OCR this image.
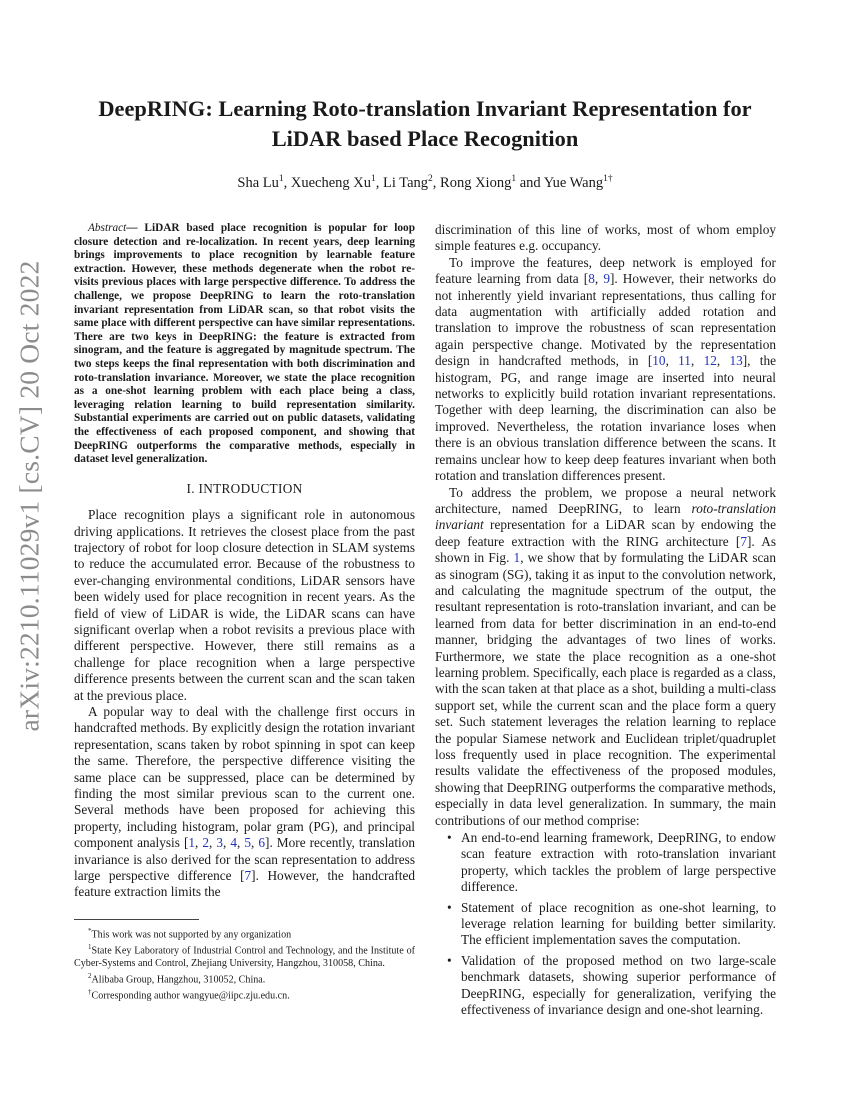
arXiv:2210.11029v1 [cs.CV] 20 Oct 2022
DeepRING: Learning Roto-translation Invariant Representation for
LiDAR based Place Recognition
Sha Lu$^1$, Xuecheng Xu$^1$, Li Tang$^2$, Rong Xiong$^1$ and Yue Wang$^{1\dagger}$

Abstract— LiDAR based place recognition is popular for loop closure detection and re-localization. In recent years, deep learning brings improvements to place recognition by learnable feature extraction. However, these methods degenerate when the robot re-visits previous places with large perspective difference. To address the challenge, we propose DeepRING to learn the roto-translation invariant representation from LiDAR scan, so that robot visits the same place with different perspective can have similar representations. There are two keys in DeepRING: the feature is extracted from sinogram, and the feature is aggregated by magnitude spectrum. The two steps keeps the final representation with both discrimination and roto-translation invariance. Moreover, we state the place recognition as a one-shot learning problem with each place being a class, leveraging relation learning to build representation similarity. Substantial experiments are carried out on public datasets, validating the effectiveness of each proposed component, and showing that DeepRING outperforms the comparative methods, especially in dataset level generalization.

I. INTRODUCTION

Place recognition plays a significant role in autonomous driving applications. It retrieves the closest place from the past trajectory of robot for loop closure detection in SLAM systems to reduce the accumulated error. Because of the robustness to ever-changing environmental conditions, LiDAR sensors have been widely used for place recognition in recent years. As the field of view of LiDAR is wide, the LiDAR scans can have significant overlap when a robot revisits a previous place with different perspective. However, there still remains as a challenge for place recognition when a large perspective difference presents between the current scan and the scan taken at the previous place.

A popular way to deal with the challenge first occurs in handcrafted methods. By explicitly design the rotation invariant representation, scans taken by robot spinning in spot can keep the same. Therefore, the perspective difference visiting the same place can be suppressed, place can be determined by finding the most similar previous scan to the current one. Several methods have been proposed for achieving this property, including histogram, polar gram (PG), and principal component analysis [1, 2, 3, 4, 5, 6]. More recently, translation invariance is also derived for the scan representation to address large perspective difference [7]. However, the handcrafted feature extraction limits the

*This work was not supported by any organization

$^1$State Key Laboratory of Industrial Control and Technology, and the Institute of Cyber-Systems and Control, Zhejiang University, Hangzhou, 310058, China.

$^2$Alibaba Group, Hangzhou, 310052, China.

†Corresponding author wangyue@iipc.zju.edu.cn.

discrimination of this line of works, most of whom employ simple features e.g. occupancy.

To improve the features, deep network is employed for feature learning from data [8, 9]. However, their networks do not inherently yield invariant representations, thus calling for data augmentation with artificially added rotation and translation to improve the robustness of scan representation again perspective change. Motivated by the representation design in handcrafted methods, in [10, 11, 12, 13], the histogram, PG, and range image are inserted into neural networks to explicitly build rotation invariant representations. Together with deep learning, the discrimination can also be improved. Nevertheless, the rotation invariance loses when there is an obvious translation difference between the scans. It remains unclear how to keep deep features invariant when both rotation and translation differences present.

To address the problem, we propose a neural network architecture, named DeepRING, to learn roto-translation invariant representation for a LiDAR scan by endowing the deep feature extraction with the RING architecture [7]. As shown in Fig. 1, we show that by formulating the LiDAR scan as sinogram (SG), taking it as input to the convolution network, and calculating the magnitude spectrum of the output, the resultant representation is roto-translation invariant, and can be learned from data for better discrimination in an end-to-end manner, bridging the advantages of two lines of works. Furthermore, we state the place recognition as a one-shot learning problem. Specifically, each place is regarded as a class, with the scan taken at that place as a shot, building a multi-class support set, while the current scan and the place form a query set. Such statement leverages the relation learning to replace the popular Siamese network and Euclidean triplet/quadruplet loss frequently used in place recognition. The experimental results validate the effectiveness of the proposed modules, showing that DeepRING outperforms the comparative methods, especially in data level generalization. In summary, the main contributions of our method comprise:

• An end-to-end learning framework, DeepRING, to endow scan feature extraction with roto-translation invariant property, which tackles the problem of large perspective difference.
• Statement of place recognition as one-shot learning, to leverage relation learning for building better similarity. The efficient implementation saves the computation.
• Validation of the proposed method on two large-scale benchmark datasets, showing superior performance of DeepRING, especially for generalization, verifying the effectiveness of invariance design and one-shot learning.
